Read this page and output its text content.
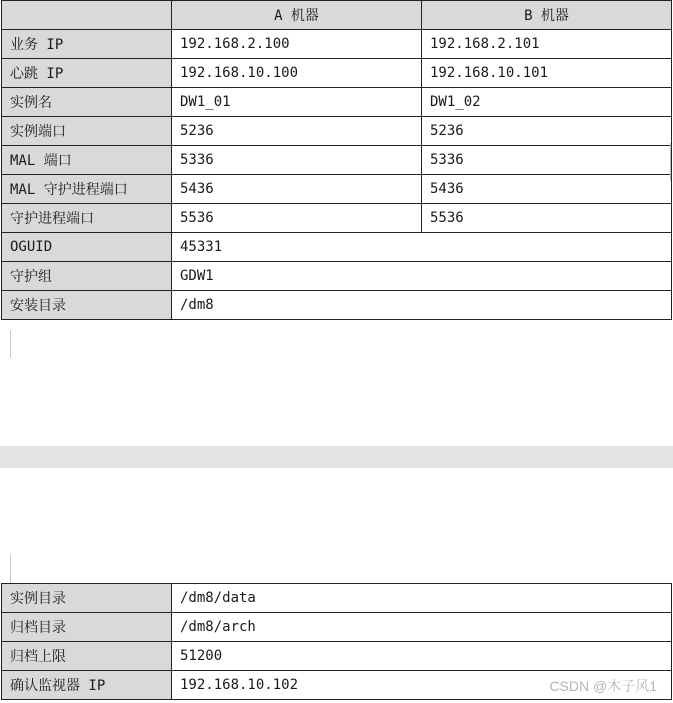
	A 机器	B 机器
业务 IP	192.168.2.100	192.168.2.101
心跳 IP	192.168.10.100	192.168.10.101
实例名	DW1_01	DW1_02
实例端口	5236	5236
MAL 端口	5336	5336
MAL 守护进程端口	5436	5436
守护进程端口	5536	5536
OGUID	45331	
守护组	GDW1	
安装目录	/dm8	
实例目录	/dm8/data
归档目录	/dm8/arch
归档上限	51200
确认监视器 IP	192.168.10.102	CSDN @木子风1
